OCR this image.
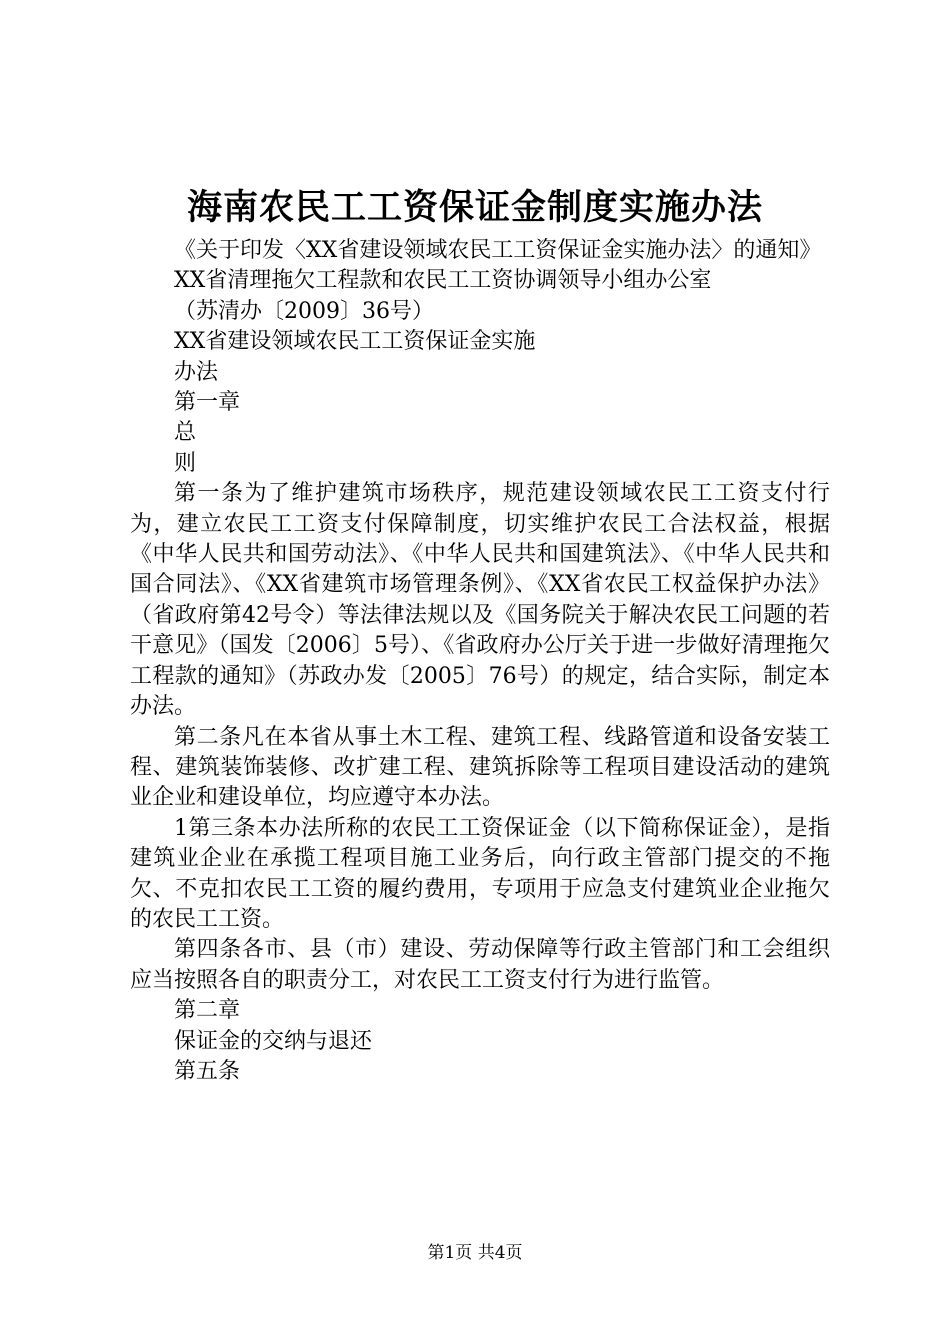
海南农民工工资保证金制度实施办法

《关于印发〈XX省建设领域农民工工资保证金实施办法〉的通知》

XX省清理拖欠工程款和农民工工资协调领导小组办公室

（苏清办〔2009〕36号）

XX省建设领域农民工工资保证金实施

办法

第一章

总

则

第一条为了维护建筑市场秩序，规范建设领域农民工工资支付行为，建立农民工工资支付保障制度，切实维护农民工合法权益，根据《中华人民共和国劳动法》、《中华人民共和国建筑法》、《中华人民共和国合同法》、《XX省建筑市场管理条例》、《XX省农民工权益保护办法》（省政府第42号令）等法律法规以及《国务院关于解决农民工问题的若干意见》（国发〔2006〕5号）、《省政府办公厅关于进一步做好清理拖欠工程款的通知》（苏政办发〔2005〕76号）的规定，结合实际，制定本办法。

第二条凡在本省从事土木工程、建筑工程、线路管道和设备安装工程、建筑装饰装修、改扩建工程、建筑拆除等工程项目建设活动的建筑业企业和建设单位，均应遵守本办法。

1第三条本办法所称的农民工工资保证金（以下简称保证金），是指建筑业企业在承揽工程项目施工业务后，向行政主管部门提交的不拖欠、不克扣农民工工资的履约费用，专项用于应急支付建筑业企业拖欠的农民工工资。

第四条各市、县（市）建设、劳动保障等行政主管部门和工会组织应当按照各自的职责分工，对农民工工资支付行为进行监管。

第二章

保证金的交纳与退还

第五条

第1页 共4页
